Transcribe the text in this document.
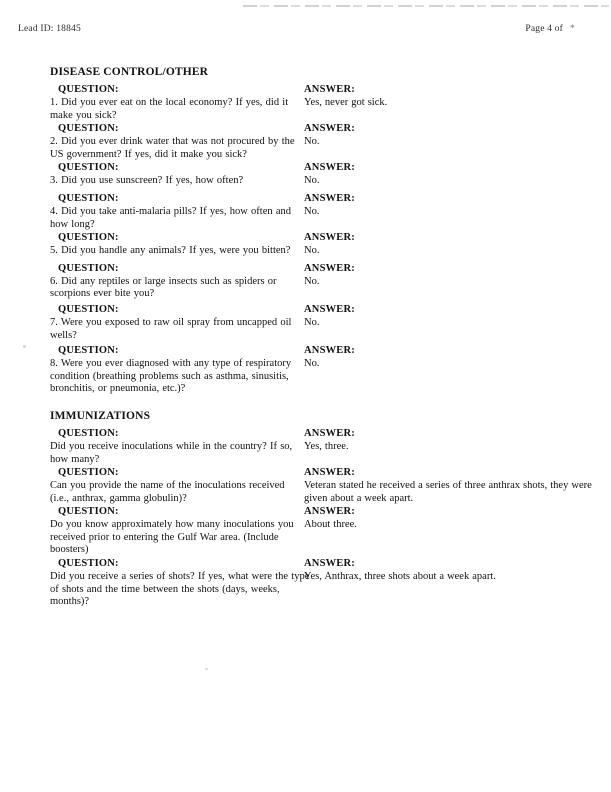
Lead ID: 18845	Page 4 of *
DISEASE CONTROL/OTHER
QUESTION:	ANSWER:
1. Did you ever eat on the local economy? If yes, did it make you sick?
Yes, never got sick.
QUESTION:	ANSWER:
2. Did you ever drink water that was not procured by the US government? If yes, did it make you sick?
No.
QUESTION:	ANSWER:
3. Did you use sunscreen? If yes, how often?	No.
QUESTION:	ANSWER:
4. Did you take anti-malaria pills? If yes, how often and how long?
No.
QUESTION:	ANSWER:
5. Did you handle any animals? If yes, were you bitten?	No.
QUESTION:	ANSWER:
6. Did any reptiles or large insects such as spiders or scorpions ever bite you?
No.
QUESTION:	ANSWER:
7. Were you exposed to raw oil spray from uncapped oil wells?
No.
QUESTION:	ANSWER:
8. Were you ever diagnosed with any type of respiratory condition (breathing problems such as asthma, sinusitis, bronchitis, or pneumonia, etc.)?
No.
IMMUNIZATIONS
QUESTION:	ANSWER:
Did you receive inoculations while in the country? If so, how many?
Yes, three.
QUESTION:	ANSWER:
Can you provide the name of the inoculations received (i.e., anthrax, gamma globulin)?
Veteran stated he received a series of three anthrax shots, they were given about a week apart.
QUESTION:	ANSWER:
Do you know approximately how many inoculations you received prior to entering the Gulf War area. (Include boosters)
About three.
QUESTION:	ANSWER:
Did you receive a series of shots? If yes, what were the type of shots and the time between the shots (days, weeks, months)?
Yes, Anthrax, three shots about a week apart.
